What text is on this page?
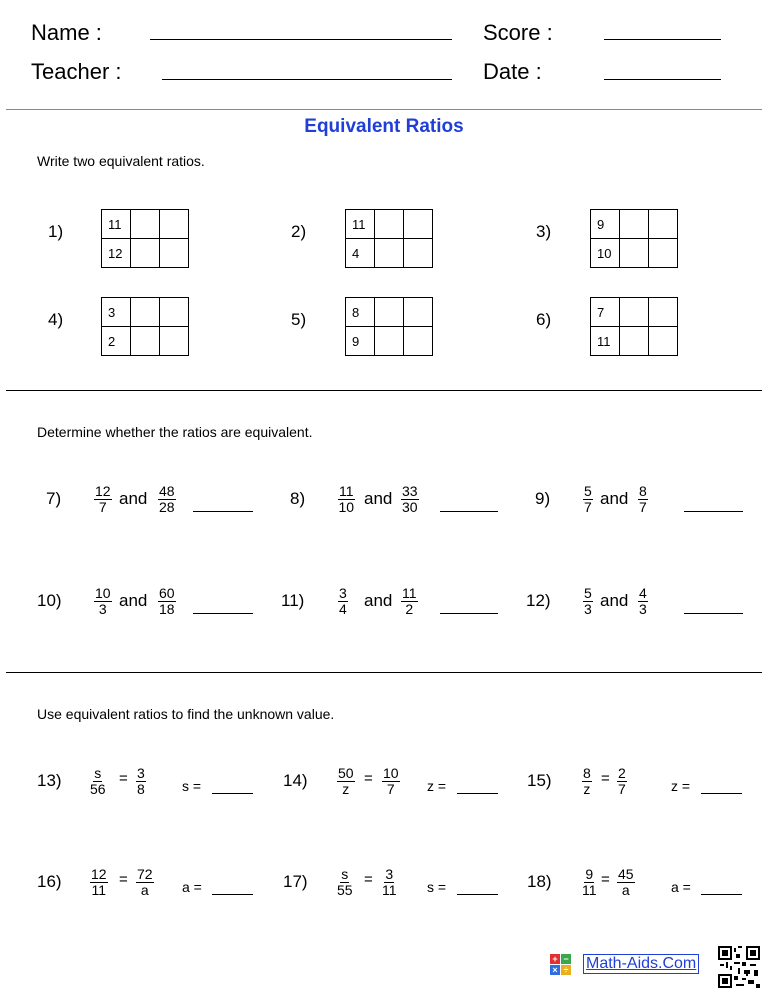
Name :	Score :
Teacher :	Date :
Equivalent Ratios
Write two equivalent ratios.
1)	11		
12		
2)	11		
4		
3)	9		
10		
4)	3		
2		
5)	8		
9		
6)	7		
11		
Determine whether the ratios are equivalent.
$7) \frac{12}{7}$ and $\frac{48}{28}$	$8) \frac{11}{10}$ and $\frac{33}{30}$	$9) \frac{5}{7}$ and $\frac{8}{7}$
$10) \frac{10}{3}$ and $\frac{60}{18}$	$11) \frac{3}{4}$ and $\frac{11}{2}$	$12) \frac{5}{3}$ and $\frac{4}{3}$
Use equivalent ratios to find the unknown value.
$13) \frac{s}{56} = \frac{3}{8}$	s =	$14) \frac{50}{z} = \frac{10}{7}$ z =	$15) \frac{8}{z} = \frac{2}{7}$	z =
$16) \frac{12}{11} = \frac{72}{a}$ a =	$17) \frac{s}{55} = \frac{3}{11}$ s =	$18) \frac{9}{11} = \frac{45}{a}$	a =
+ −
× ÷ Math-Aids.Com
